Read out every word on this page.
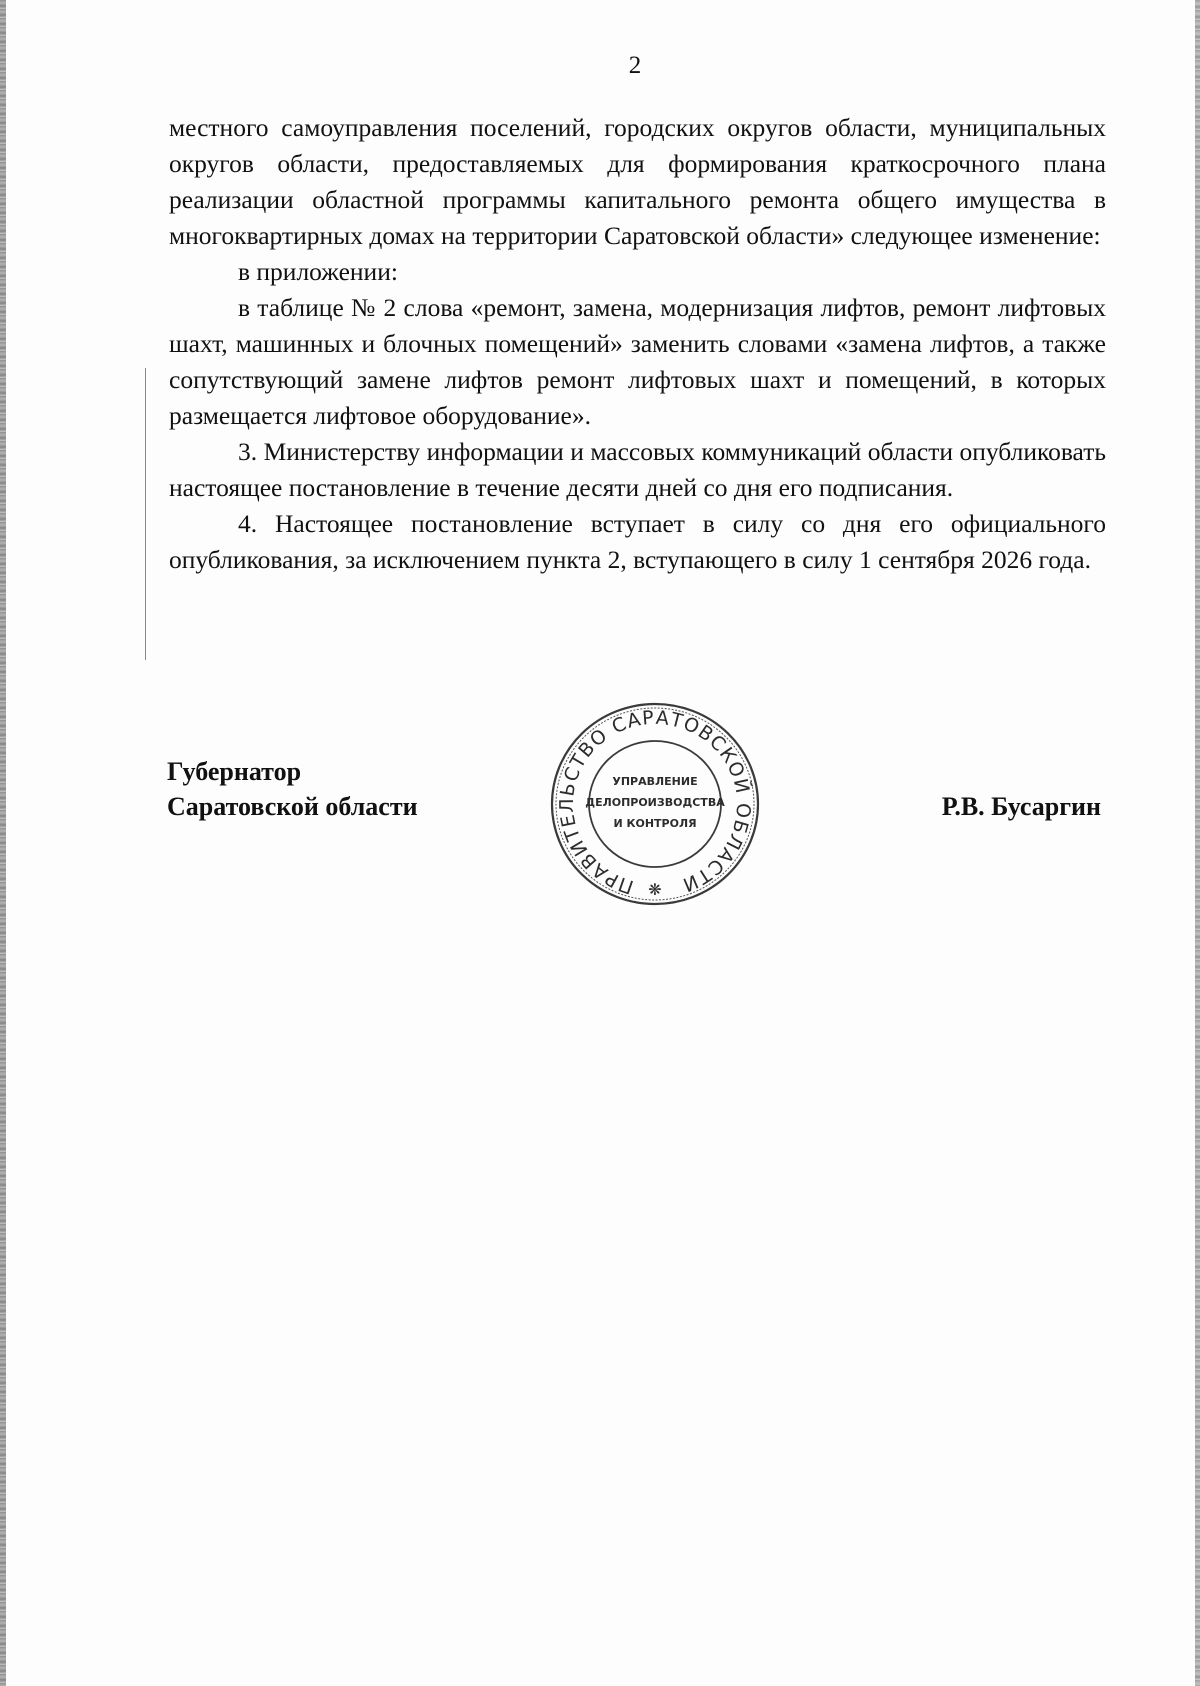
2

местного самоуправления поселений, городских округов области, муниципальных округов области, предоставляемых для формирования краткосрочного плана реализации областной программы капитального ремонта общего имущества в многоквартирных домах на территории Саратовской области» следующее изменение:

в приложении:

в таблице № 2 слова «ремонт, замена, модернизация лифтов, ремонт лифтовых шахт, машинных и блочных помещений» заменить словами «замена лифтов, а также сопутствующий замене лифтов ремонт лифтовых шахт и помещений, в которых размещается лифтовое оборудование».

3. Министерству информации и массовых коммуникаций области опубликовать настоящее постановление в течение десяти дней со дня его подписания.

4. Настоящее постановление вступает в силу со дня его официального опубликования, за исключением пункта 2, вступающего в силу 1 сентября 2026 года.

Губернатор
Саратовской области	Р.В. Бусаргин
ПРАВИТЕЛЬСТВО САРАТОВСКОЙ ОБЛАСТИ
УПРАВЛЕНИЕ
ДЕЛОПРОИЗВОДСТВА
И КОНТРОЛЯ
❋
